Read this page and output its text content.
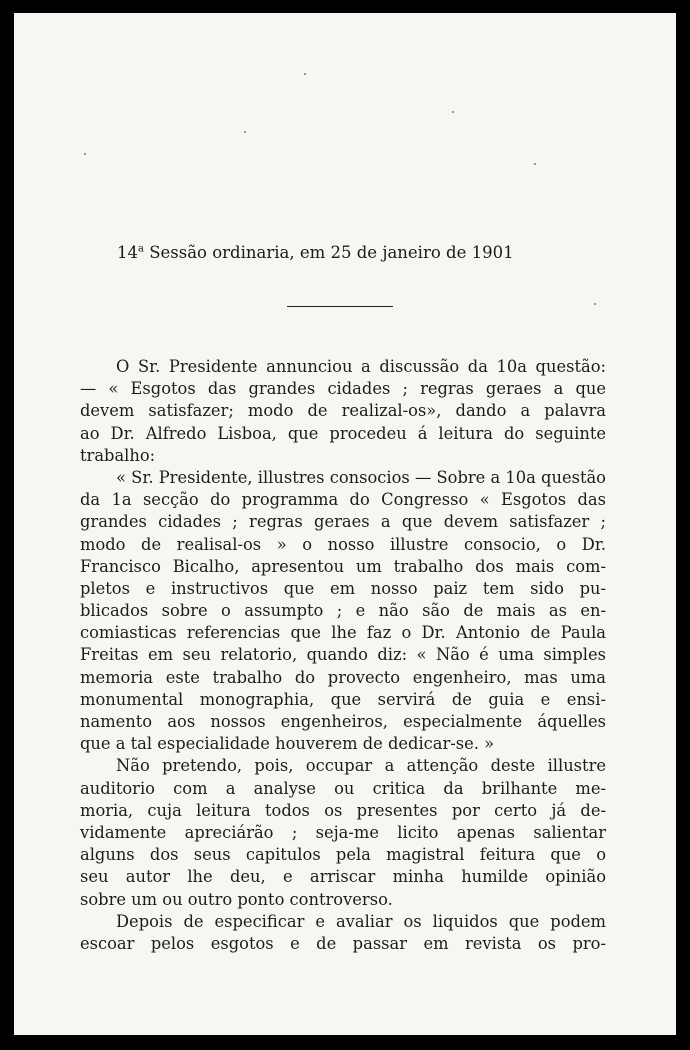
14$^a$ Sessão ordinaria, em 25 de janeiro de 1901
O Sr. Presidente annunciou a discussão da 10a questão:
— « Esgotos das grandes cidades ; regras geraes a que
devem satisfazer; modo de realizal-os», dando a palavra
ao Dr. Alfredo Lisboa, que procedeu á leitura do seguinte
trabalho:
« Sr. Presidente, illustres consocios — Sobre a 10a questão
da 1a secção do programma do Congresso « Esgotos das
grandes cidades ; regras geraes a que devem satisfazer ;
modo de realisal-os » o nosso illustre consocio, o Dr.
Francisco Bicalho, apresentou um trabalho dos mais com-
pletos e instructivos que em nosso paiz tem sido pu-
blicados sobre o assumpto ; e não são de mais as en-
comiasticas referencias que lhe faz o Dr. Antonio de Paula
Freitas em seu relatorio, quando diz: « Não é uma simples
memoria este trabalho do provecto engenheiro, mas uma
monumental monographia, que servirá de guia e ensi-
namento aos nossos engenheiros, especialmente áquelles
que a tal especialidade houverem de dedicar-se. »
Não pretendo, pois, occupar a attenção deste illustre
auditorio com a analyse ou critica da brilhante me-
moria, cuja leitura todos os presentes por certo já de-
vidamente apreciárão ; seja-me licito apenas salientar
alguns dos seus capitulos pela magistral feitura que o
seu autor lhe deu, e arriscar minha humilde opinião
sobre um ou outro ponto controverso.
Depois de especificar e avaliar os liquidos que podem
escoar pelos esgotos e de passar em revista os pro-
